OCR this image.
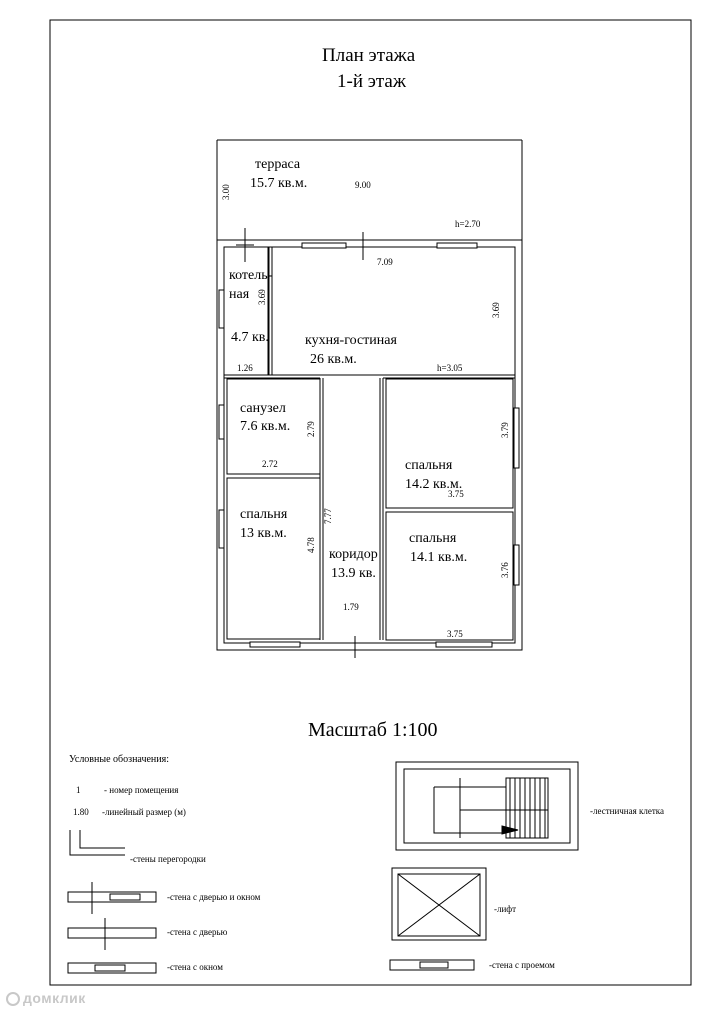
План этажа
1-й этаж
терраса
15.7 кв.м.
котель-
ная
4.7 кв.	кухня-гостиная
26 кв.м.
санузел
7.6 кв.м.
спальня
13 кв.м.
коридор
13.9 кв.
спальня
14.2 кв.м.
спальня
14.1 кв.м.
3.00	9.00
h=2.70
7.09
3.69
3.69
1.26	h=3.05
2.79
2.72
3.79
3.75
7.77
4.78
3.76
1.79
3.75
Масштаб 1:100
Условные обозначения:
1	- номер помещения
1.80 -линейный размер (м)
-стены перегородки
-стена с дверью и окном
-стена с дверью
-стена с окном
-лестничная клетка
-лифт
-стена с проемом
домклик
